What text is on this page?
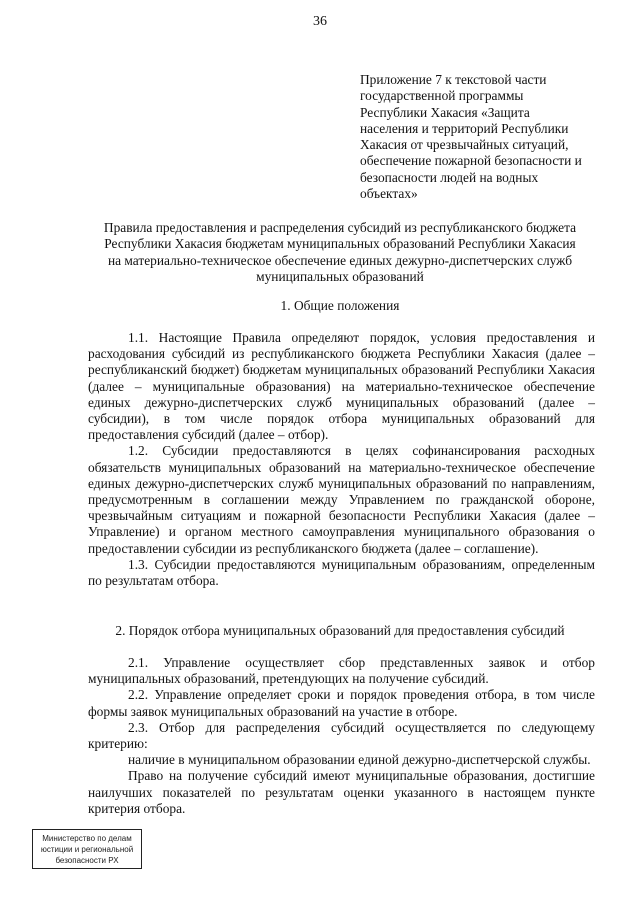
36
Приложение 7 к текстовой части
государственной программы
Республики Хакасия «Защита
населения и территорий Республики
Хакасия от чрезвычайных ситуаций,
обеспечение пожарной безопасности и
безопасности людей на водных
объектах»
Правила предоставления и распределения субсидий из республиканского бюджета
Республики Хакасия бюджетам муниципальных образований Республики Хакасия
на материально-техническое обеспечение единых дежурно-диспетчерских служб
муниципальных образований
1. Общие положения

1.1. Настоящие Правила определяют порядок, условия предоставления и расходования субсидий из республиканского бюджета Республики Хакасия (далее – республиканский бюджет) бюджетам муниципальных образований Республики Хакасия (далее – муниципальные образования) на материально-техническое обеспечение единых дежурно-диспетчерских служб муниципальных образований (далее – субсидии), в том числе порядок отбора муниципальных образований для предоставления субсидий (далее – отбор).

1.2. Субсидии предоставляются в целях софинансирования расходных обязательств муниципальных образований на материально-техническое обеспечение единых дежурно-диспетчерских служб муниципальных образований по направлениям, предусмотренным в соглашении между Управлением по гражданской обороне, чрезвычайным ситуациям и пожарной безопасности Республики Хакасия (далее – Управление) и органом местного самоуправления муниципального образования о предоставлении субсидии из республиканского бюджета (далее – соглашение).

1.3. Субсидии предоставляются муниципальным образованиям, определенным по результатам отбора.

2. Порядок отбора муниципальных образований для предоставления субсидий

2.1. Управление осуществляет сбор представленных заявок и отбор муниципальных образований, претендующих на получение субсидий.

2.2. Управление определяет сроки и порядок проведения отбора, в том числе формы заявок муниципальных образований на участие в отборе.

2.3. Отбор для распределения субсидий осуществляется по следующему критерию:

наличие в муниципальном образовании единой дежурно-диспетчерской службы.

Право на получение субсидий имеют муниципальные образования, достигшие наилучших показателей по результатам оценки указанного в настоящем пункте критерия отбора.

Министерство по делам
юстиции и региональной
безопасности РХ
